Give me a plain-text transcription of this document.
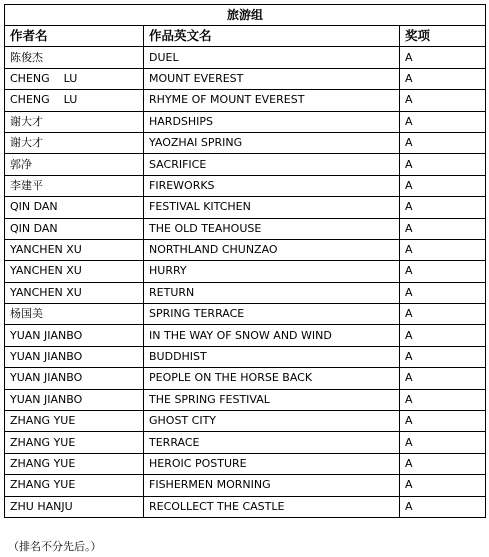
旅游组		
作者名	作品英文名	奖项
陈俊杰	DUEL	A
CHENG    LU	MOUNT EVEREST	A
CHENG    LU	RHYME OF MOUNT EVEREST	A
谢大才	HARDSHIPS	A
谢大才	YAOZHAI SPRING	A
郭净	SACRIFICE	A
李建平	FIREWORKS	A
QIN DAN	FESTIVAL KITCHEN	A
QIN DAN	THE OLD TEAHOUSE	A
YANCHEN XU	NORTHLAND CHUNZAO	A
YANCHEN XU	HURRY	A
YANCHEN XU	RETURN	A
杨国美	SPRING TERRACE	A
YUAN JIANBO	IN THE WAY OF SNOW AND WIND	A
YUAN JIANBO	BUDDHIST	A
YUAN JIANBO	PEOPLE ON THE HORSE BACK	A
YUAN JIANBO	THE SPRING FESTIVAL	A
ZHANG YUE	GHOST CITY	A
ZHANG YUE	TERRACE	A
ZHANG YUE	HEROIC POSTURE	A
ZHANG YUE	FISHERMEN MORNING	A
ZHU HANJU	RECOLLECT THE CASTLE	A
（排名不分先后。）
